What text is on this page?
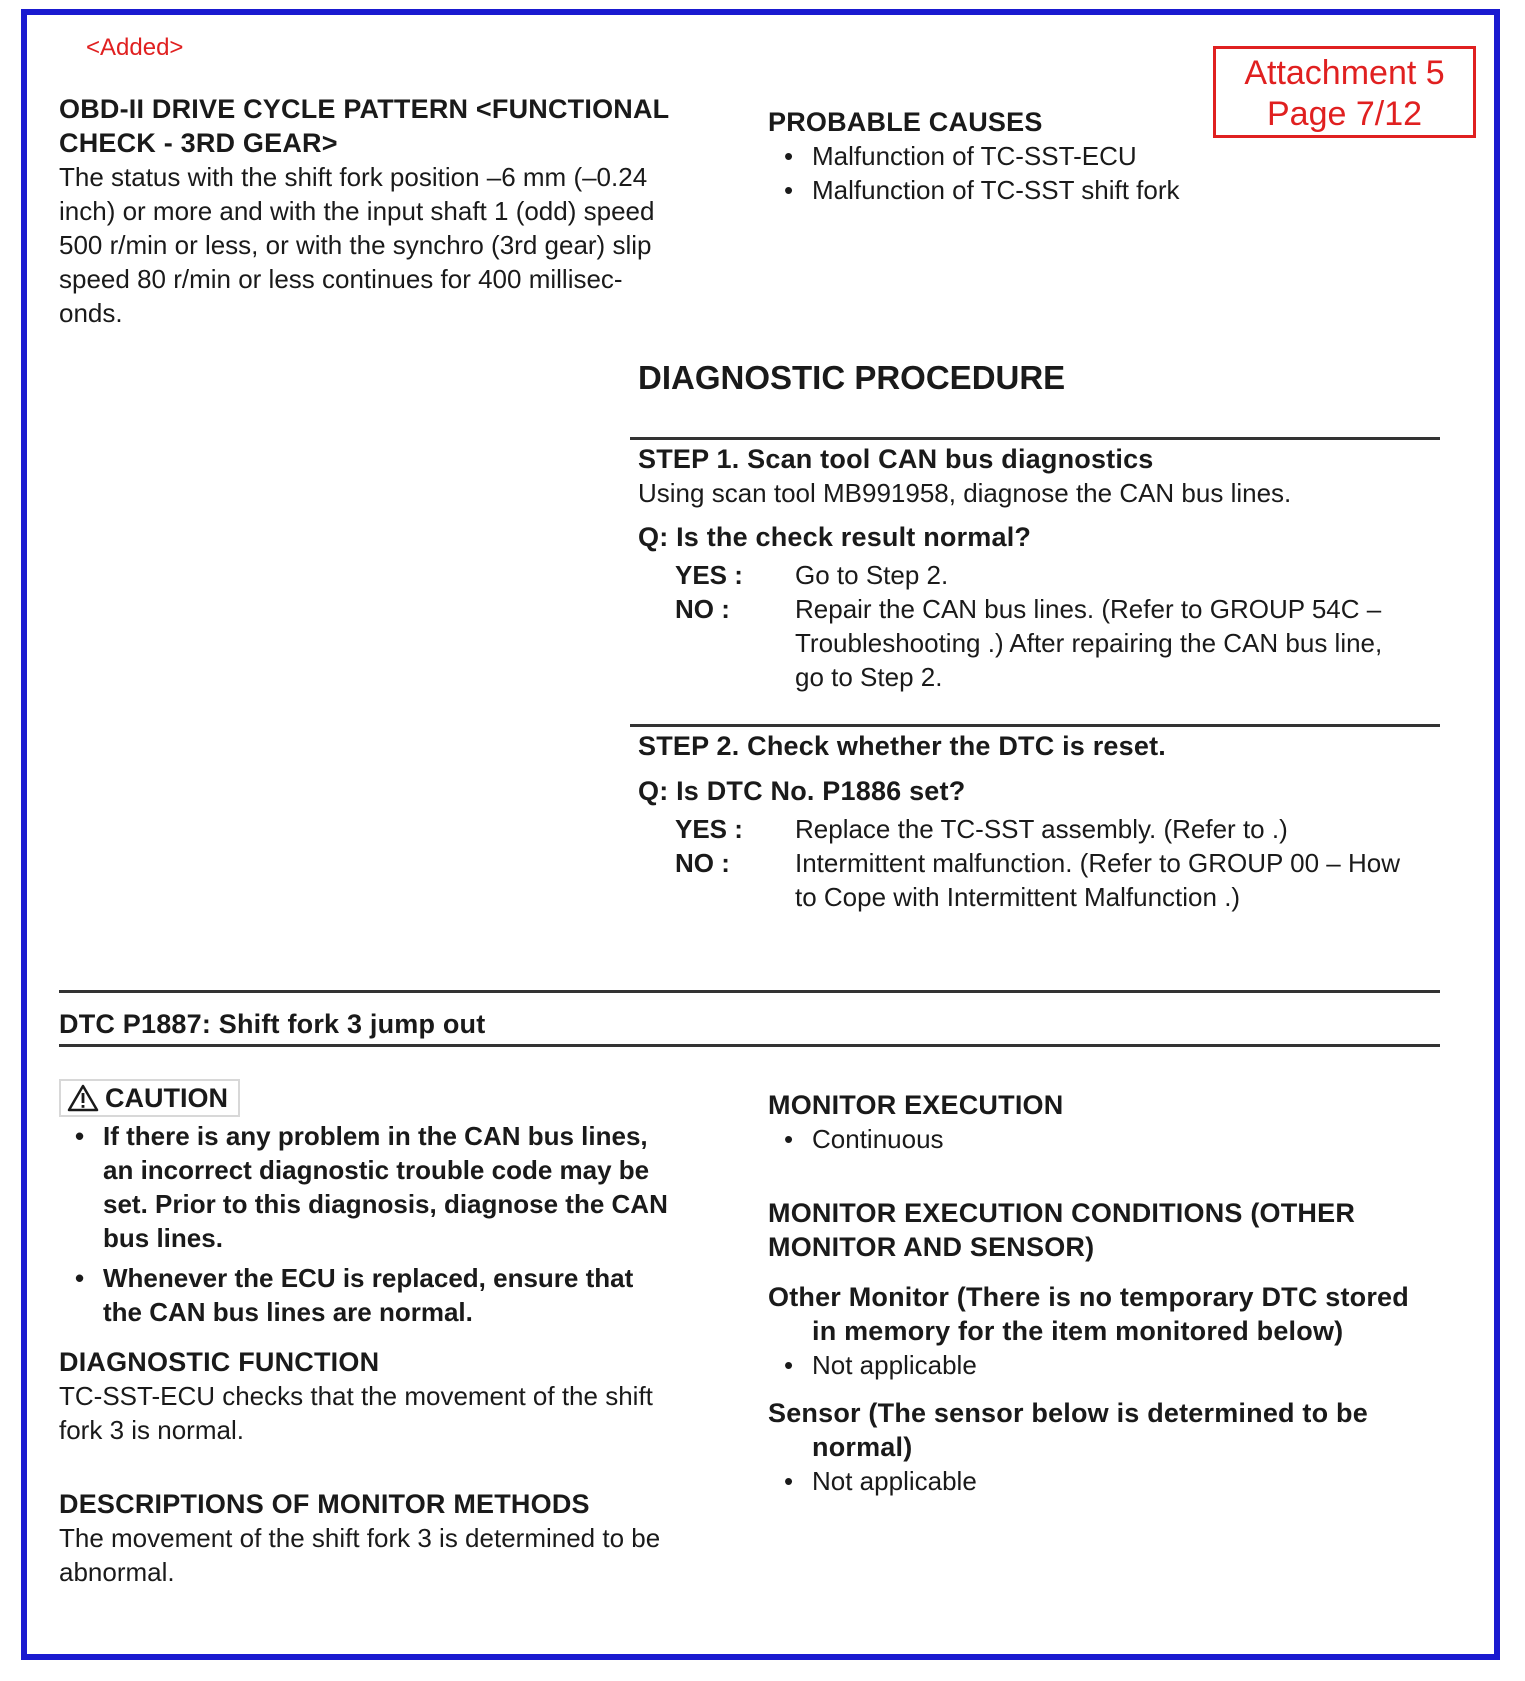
<Added>
Attachment 5
Page 7/12
OBD-II DRIVE CYCLE PATTERN <FUNCTIONAL CHECK - 3RD GEAR>
The status with the shift fork position –6 mm (–0.24
inch) or more and with the input shaft 1 (odd) speed
500 r/min or less, or with the synchro (3rd gear) slip
speed 80 r/min or less continues for 400 millisec-
onds.
PROBABLE CAUSES
• Malfunction of TC-SST-ECU
• Malfunction of TC-SST shift fork
DIAGNOSTIC PROCEDURE
STEP 1. Scan tool CAN bus diagnostics
Using scan tool MB991958, diagnose the CAN bus lines.
Q: Is the check result normal?
YES : Go to Step 2.
NO :	Repair the CAN bus lines. (Refer to GROUP 54C –
Troubleshooting .) After repairing the CAN bus line,
go to Step 2.
STEP 2. Check whether the DTC is reset.
Q: Is DTC No. P1886 set?
YES : Replace the TC-SST assembly. (Refer to .)
NO :	Intermittent malfunction. (Refer to GROUP 00 – How
to Cope with Intermittent Malfunction .)
DTC P1887: Shift fork 3 jump out
CAUTION
• If there is any problem in the CAN bus lines,
an incorrect diagnostic trouble code may be
set. Prior to this diagnosis, diagnose the CAN
bus lines.
• Whenever the ECU is replaced, ensure that
the CAN bus lines are normal.
DIAGNOSTIC FUNCTION
TC-SST-ECU checks that the movement of the shift
fork 3 is normal.
DESCRIPTIONS OF MONITOR METHODS
The movement of the shift fork 3 is determined to be
abnormal.
MONITOR EXECUTION
• Continuous
MONITOR EXECUTION CONDITIONS (OTHER
MONITOR AND SENSOR)
Other Monitor (There is no temporary DTC stored
in memory for the item monitored below)
• Not applicable
Sensor (The sensor below is determined to be
normal)
• Not applicable
